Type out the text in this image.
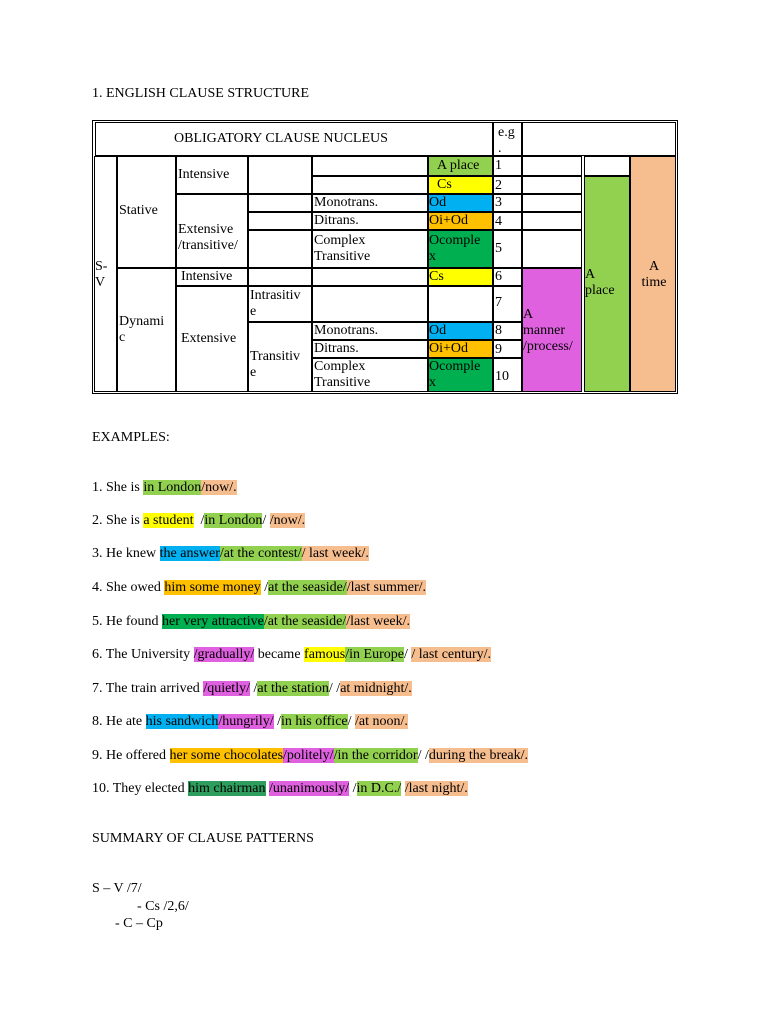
1. ENGLISH CLAUSE STRUCTURE
OBLIGATORY CLAUSE NUCLEUS	e.g
.
S-
V
Stative
Dynami
c
Intensive
Extensive
/transitive/
Intensive
Extensive
Intrasitiv
e
Transitiv
e
Monotrans.
Ditrans.
Complex
Transitive
Monotrans.
Ditrans.
Complex
Transitive
A place
Cs
Od
Oi+Od
Ocomple
x
Cs
Od
Oi+Od
Ocomple
x
1
2
3
4
5
6
7
8
9
10
A
manner
/process/
A
place
A
time
EXAMPLES:
1. She is in London/now/.
2. She is a student  /in London/ /now/.
3. He knew the answer/at the contest// last week/.
4. She owed him some money /at the seaside//last summer/.
5. He found her very attractive/at the seaside//last week/.
6. The University /gradually/ became famous/in Europe/ / last century/.
7. The train arrived /quietly/ /at the station/ /at midnight/.
8. He ate his sandwich/hungrily/ /in his office/ /at noon/.
9. He offered her some chocolates/politely//in the corridor/ /during the break/.
10. They elected him chairman /unanimously/ /in D.C./ /last night/.
SUMMARY OF CLAUSE PATTERNS
S – V /7/
- Cs /2,6/
- C – Cp
